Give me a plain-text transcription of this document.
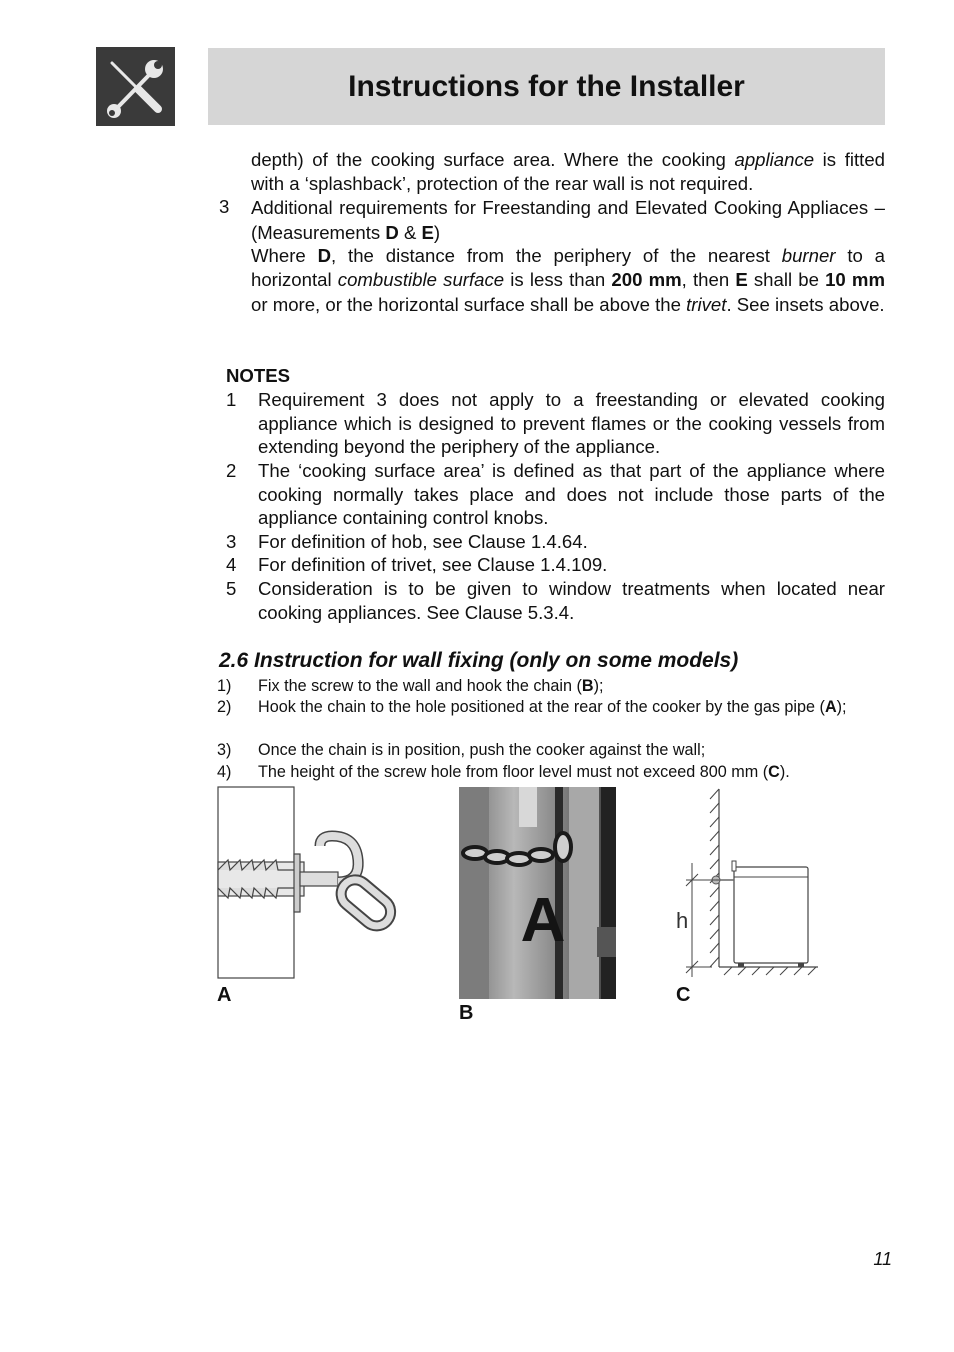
Instructions for the Installer
depth) of the cooking surface area. Where the cooking appliance is fitted with a ‘splashback’, protection of the rear wall is not required.
3 Additional requirements for Freestanding and Elevated Cooking Appliaces – (Measurements D & E)
Where D, the distance from the periphery of the nearest burner to a horizontal combustible surface is less than 200 mm, then E shall be 10 mm or more, or the horizontal surface shall be above the trivet. See insets above.
NOTES
1 Requirement 3 does not apply to a freestanding or elevated cooking appliance which is designed to prevent flames or the cooking vessels from extending beyond the periphery of the appliance.
2 The ‘cooking surface area’ is defined as that part of the appliance where cooking normally takes place and does not include those parts of the appliance containing control knobs.
3 For definition of hob, see Clause 1.4.64.
4 For definition of trivet, see Clause 1.4.109.
5 Consideration is to be given to window treatments when located near cooking appliances. See Clause 5.3.4.
2.6 Instruction for wall fixing (only on some models)
1) Fix the screw to the wall and hook the chain (B);
2) Hook the chain to the hole positioned at the rear of the cooker by the gas pipe (A);
3) Once the chain is in position, push the cooker against the wall;
4) The height of the screw hole from floor level must not exceed 800 mm (C).
A
A
B
h
C
11
